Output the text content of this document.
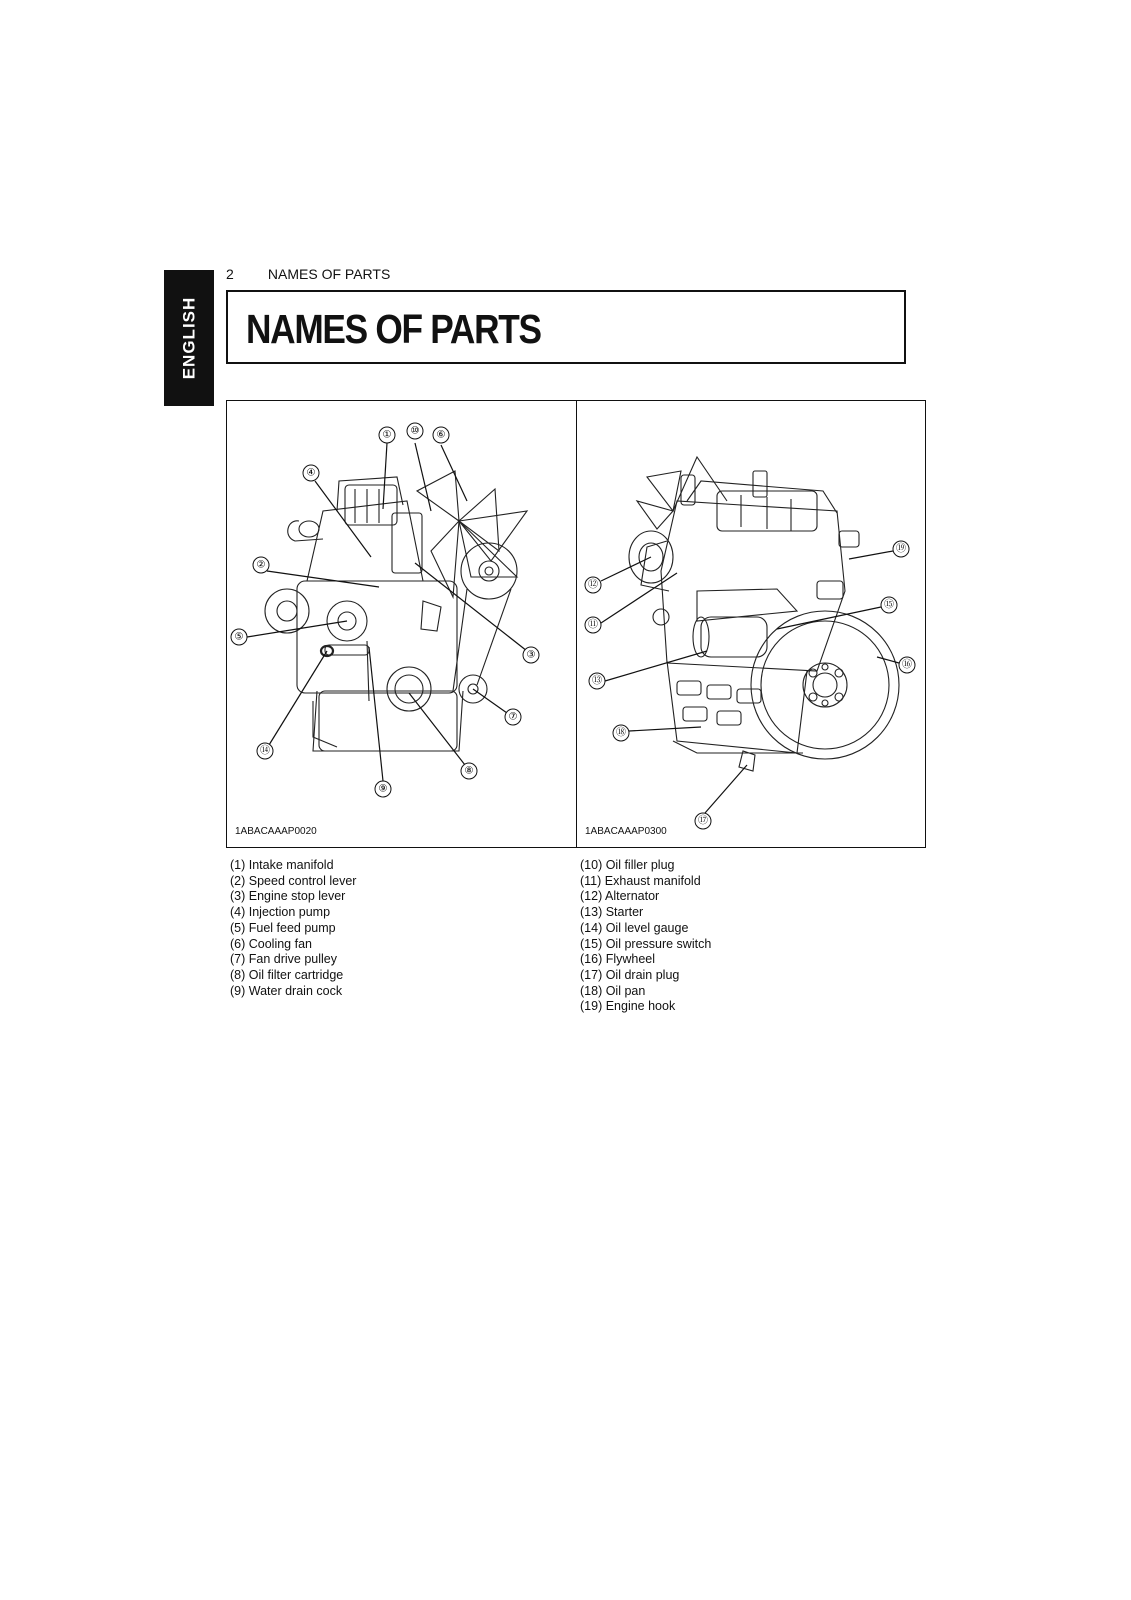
ENGLISH
2 NAMES OF PARTS
NAMES OF PARTS
① ⑩ ⑥
④
②
⑤
③
⑦
⑭
⑨
⑧
1ABACAAAP0020
⑲
⑫
⑪
⑮
⑯
⑬
⑱
⑰
1ABACAAAP0300
(1) Intake manifold
(2) Speed control lever
(3) Engine stop lever
(4) Injection pump
(5) Fuel feed pump
(6) Cooling fan
(7) Fan drive pulley
(8) Oil filter cartridge
(9) Water drain cock
(10) Oil filler plug
(11) Exhaust manifold
(12) Alternator
(13) Starter
(14) Oil level gauge
(15) Oil pressure switch
(16) Flywheel
(17) Oil drain plug
(18) Oil pan
(19) Engine hook
